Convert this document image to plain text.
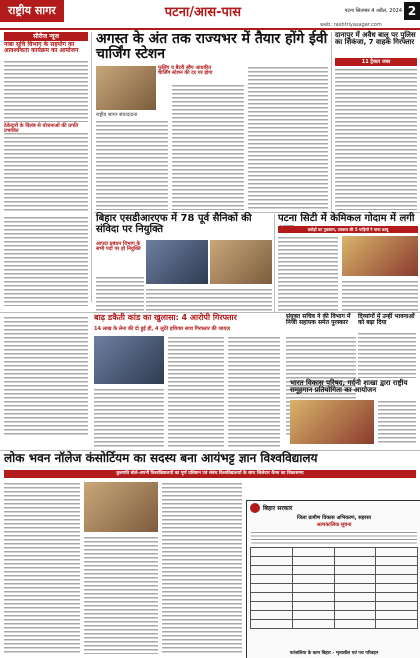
राष्ट्रीय सागर	पटना/आस-पास	पटना सितम्बर 4 अप्रैल, 2024 2
web: rashtriyasagar.com
सीरीज न्यूज
नाबा सूचि विभाग के सहयोग का आवश्यकता कार्यक्रम का आयोजन
ठेकेदारों के विलंब से योजनाओं की प्रगति
अगस्त के अंत तक राज्यभर में तैयार होंगे ईवी चार्जिंग स्टेशन
फुलिंग व बैटरी स्वैप आधारित चार्जिंग स्टेशन की दर पर होगा
राष्ट्रीय सागर संवाददाता
दानापुर में अवैध बालू पर पुलिस का शिकंजा, 7 वाहक गिरफ्तार
11 ट्रैक्टर जब्त
बिहार एसडीआरएफ में 78 पूर्व सैनिकों की संविदा पर नियुक्ति
आपदा प्रबंधन विभाग के सभी पदों पर हो नियुक्ति
पटना सिटी में केमिकल गोदाम में लगी
करोड़ों का नुकसान, दमकल की 5 गाड़ियों ने पाया काबू
बाढ़ डकैती कांड का खुलासा: 4 आरोपी गिरफ्तार
14 लाख के लेना की दो हुई ही, 4 लुटेरे हथियार साथ गिरफ्तार की जायज़
संयुक्त सचिव ने की विभाग में निजी सहायक समेत पुरस्कार
भारत विकास परिषद, गर्दनी शाखा द्वारा राष्ट्रीय समूहगान प्रतियोगिता का आयोजन
दिव्यांगों में उन्हीं भावनाओं को बढ़ा दिया
लोक भवन नॉलेज कंसोर्टियम का सदस्य बना आयंभट्ट ज्ञान विश्वविद्यालय
कुलपति बोले-अपनी विश्वविद्यालयों का पूर्ण प्रतिष्ठान एवं संबंध विश्वविद्यालयों के साथ जिलेवार कैंप्स का विकासमय
बिहार सरकार
जिला ग्रामीण विकास अभिकरण, सहरसा
अल्पकालिक सूचना

पतंजलिया के काम बिहार - भृत्यशील एवं पथ परिवहन
